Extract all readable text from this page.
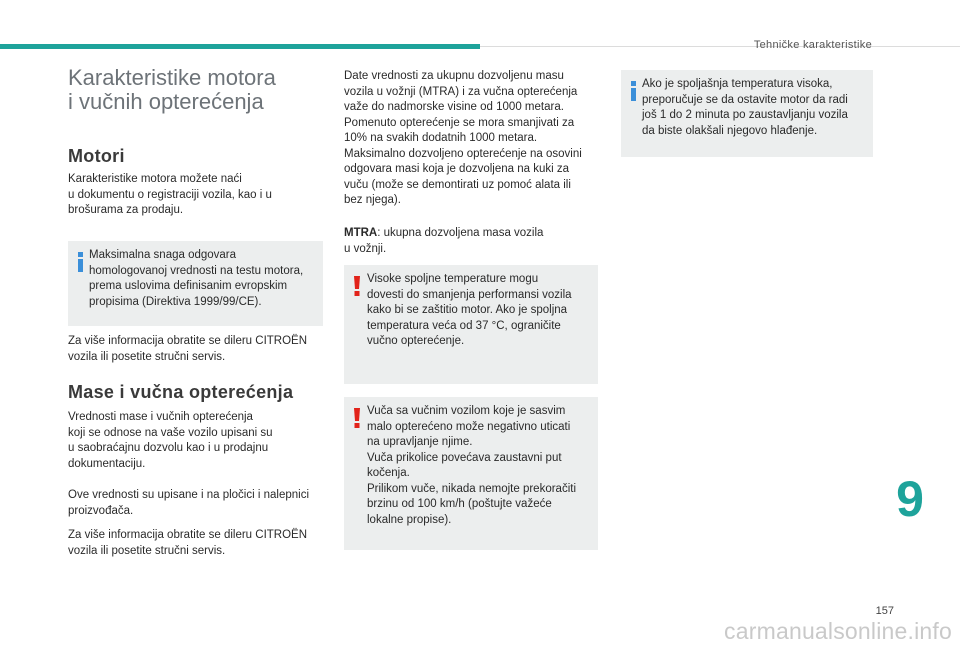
Tehničke karakteristike
Karakteristike motora
i vučnih opterećenja
Motori

Karakteristike motora možete naći
u dokumentu o registraciji vozila, kao i u
brošurama za prodaju.

Maksimalna snaga odgovara
homologovanoj vrednosti na testu motora,
prema uslovima definisanim evropskim
propisima (Direktiva 1999/99/CE).

Za više informacija obratite se dileru CITROËN
vozila ili posetite stručni servis.

Mase i vučna opterećenja

Vrednosti mase i vučnih opterećenja
koji se odnose na vaše vozilo upisani su
u saobraćajnu dozvolu kao i u prodajnu
dokumentaciju.

Ove vrednosti su upisane i na pločici i nalepnici
proizvođača.

Za više informacija obratite se dileru CITROËN
vozila ili posetite stručni servis.

Date vrednosti za ukupnu dozvoljenu masu
vozila u vožnji (MTRA) i za vučna opterećenja
važe do nadmorske visine od 1000 metara.
Pomenuto opterećenje se mora smanjivati za
10% na svakih dodatnih 1000 metara.
Maksimalno dozvoljeno opterećenje na osovini
odgovara masi koja je dozvoljena na kuki za
vuču (može se demontirati uz pomoć alata ili
bez njega).

MTRA: ukupna dozvoljena masa vozila
u vožnji.

Visoke spoljne temperature mogu
dovesti do smanjenja performansi vozila
kako bi se zaštitio motor. Ako je spoljna
temperatura veća od 37 °C, ograničite
vučno opterećenje.
Vuča sa vučnim vozilom koje je sasvim
malo opterećeno može negativno uticati
na upravljanje njime.
Vuča prikolice povećava zaustavni put
kočenja.
Prilikom vuče, nikada nemojte prekoračiti
brzinu od 100 km/h (poštujte važeće
lokalne propise).
Ako je spoljašnja temperatura visoka,
preporučuje se da ostavite motor da radi
još 1 do 2 minuta po zaustavljanju vozila
da biste olakšali njegovo hlađenje.
9
157
carmanualsonline.info
